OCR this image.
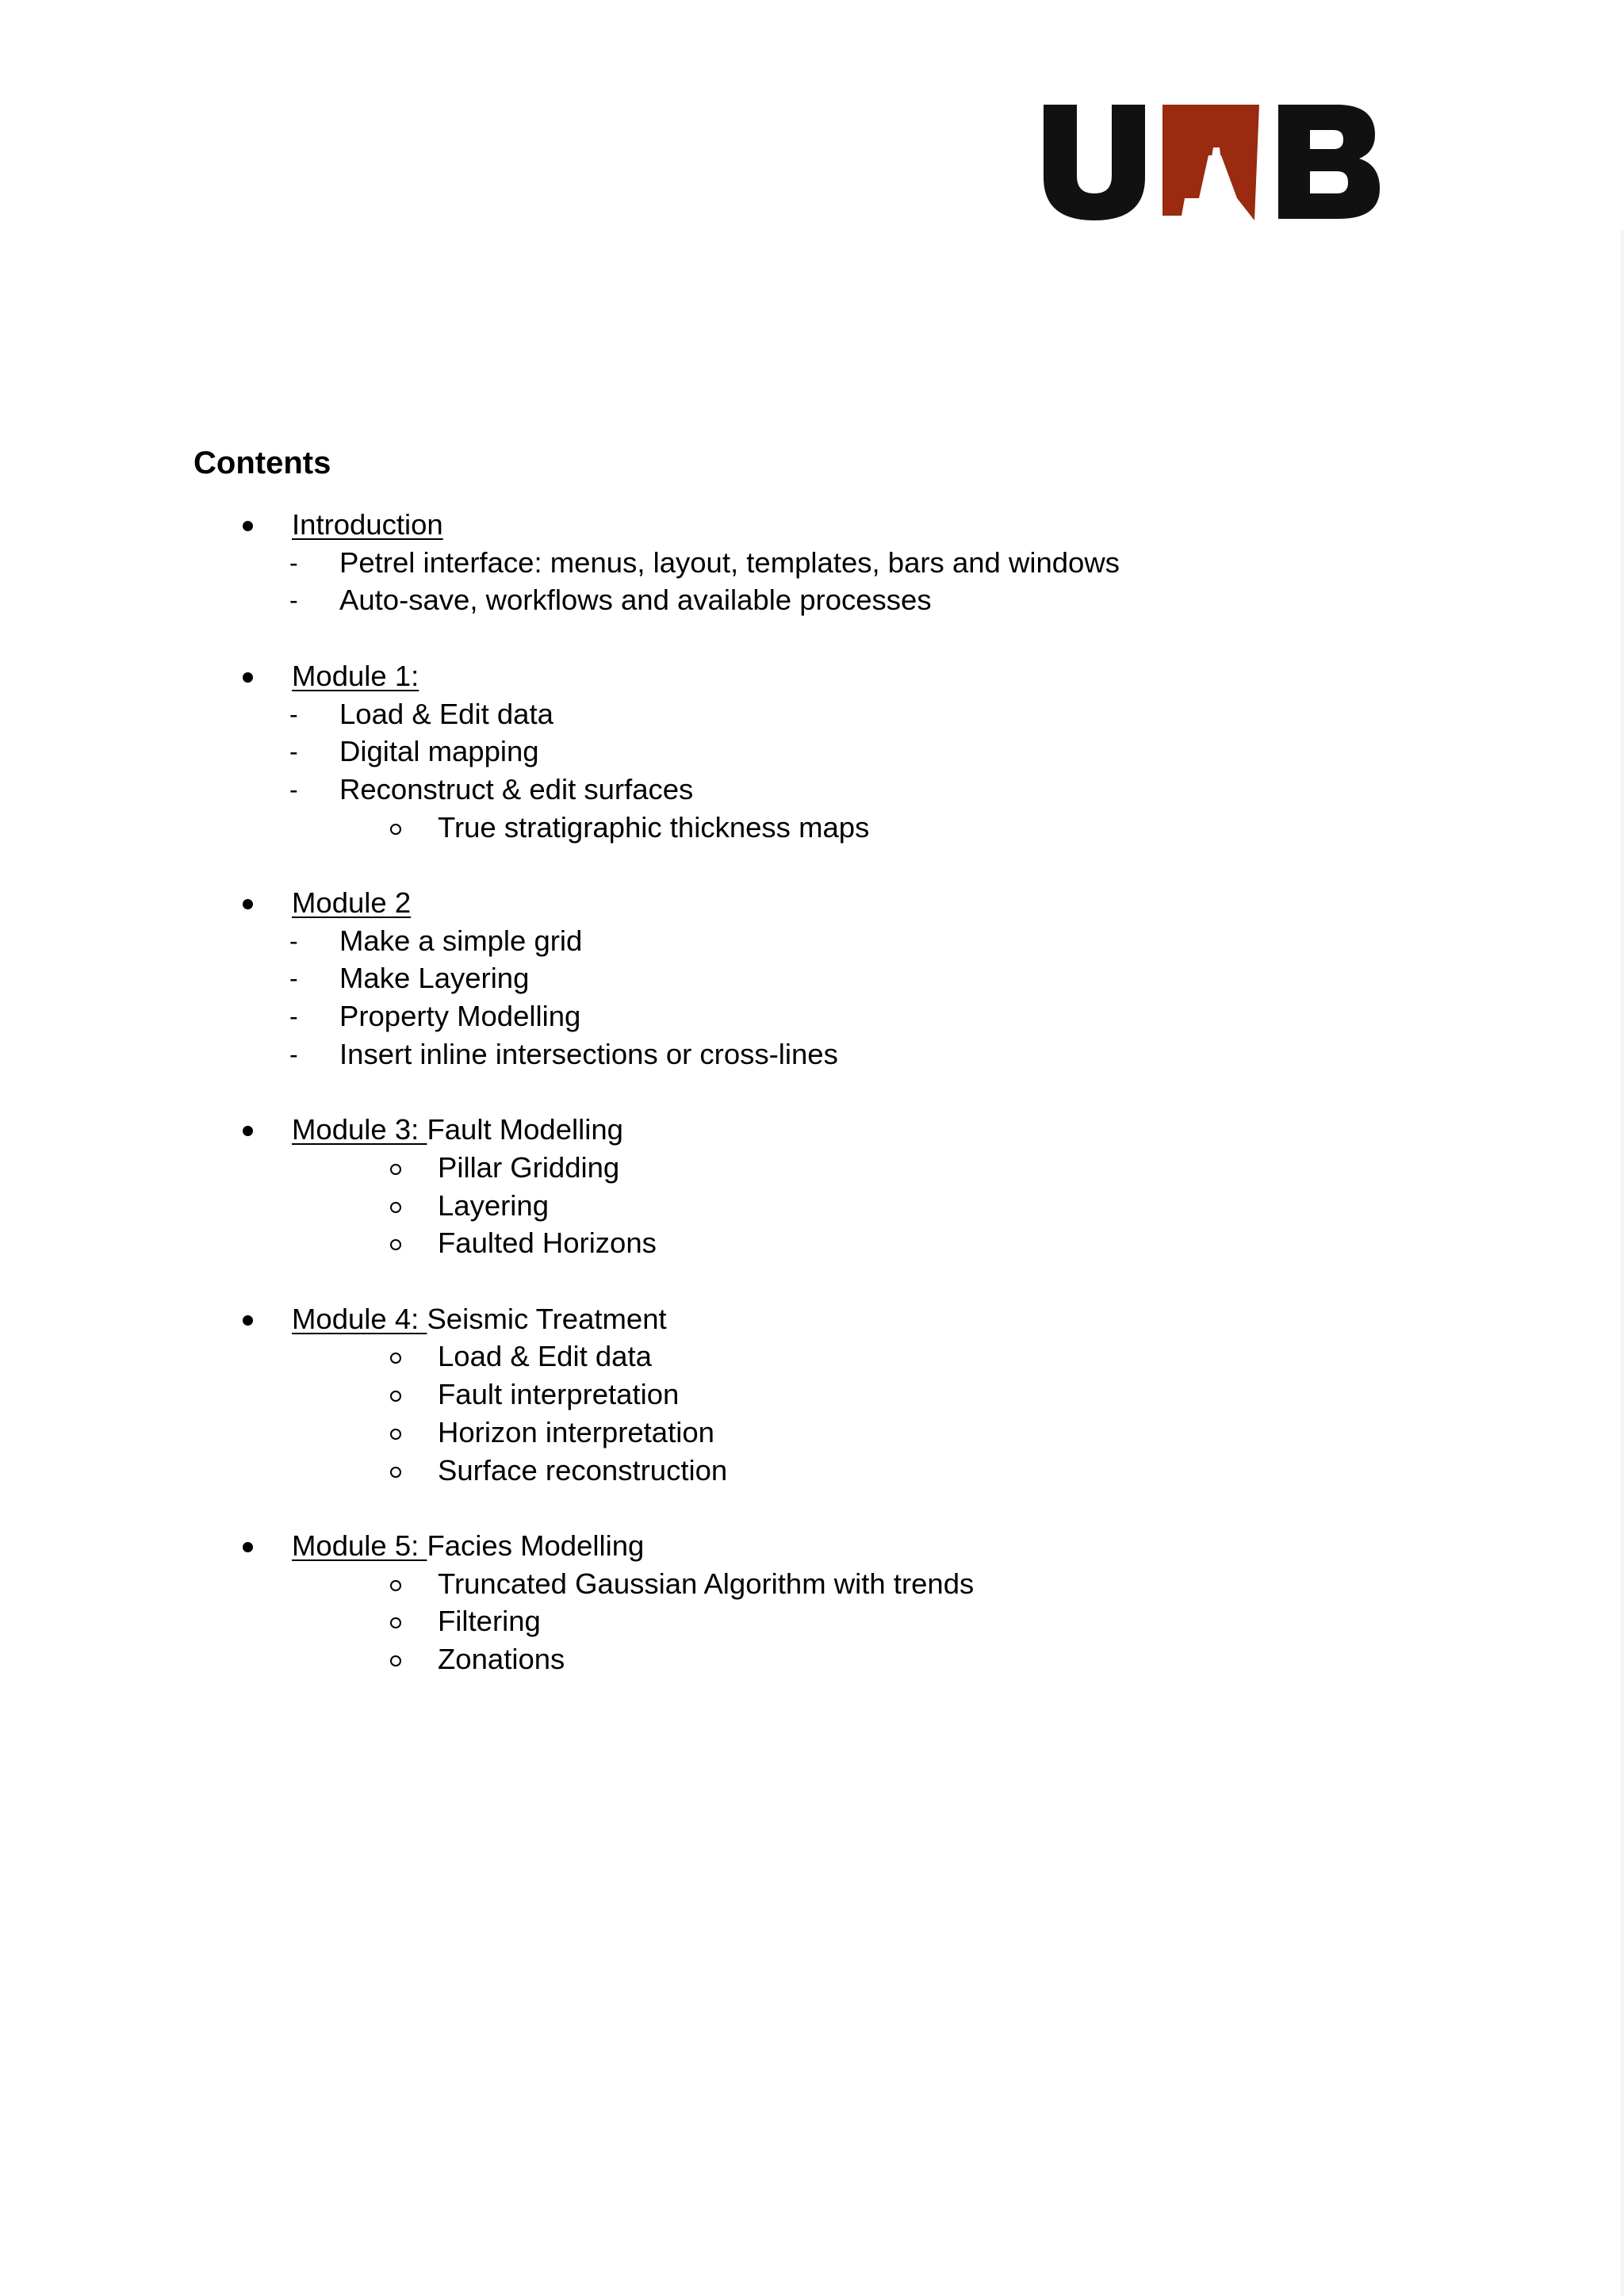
Contents
Introduction
- Petrel interface: menus, layout, templates, bars and windows
- Auto-save, workflows and available processes
Module 1:
- Load & Edit data
- Digital mapping
- Reconstruct & edit surfaces
True stratigraphic thickness maps
Module 2
- Make a simple grid
- Make Layering
- Property Modelling
- Insert inline intersections or cross-lines
Module 3: Fault Modelling
Pillar Gridding
Layering
Faulted Horizons
Module 4: Seismic Treatment
Load & Edit data
Fault interpretation
Horizon interpretation
Surface reconstruction
Module 5: Facies Modelling
Truncated Gaussian Algorithm with trends
Filtering
Zonations
